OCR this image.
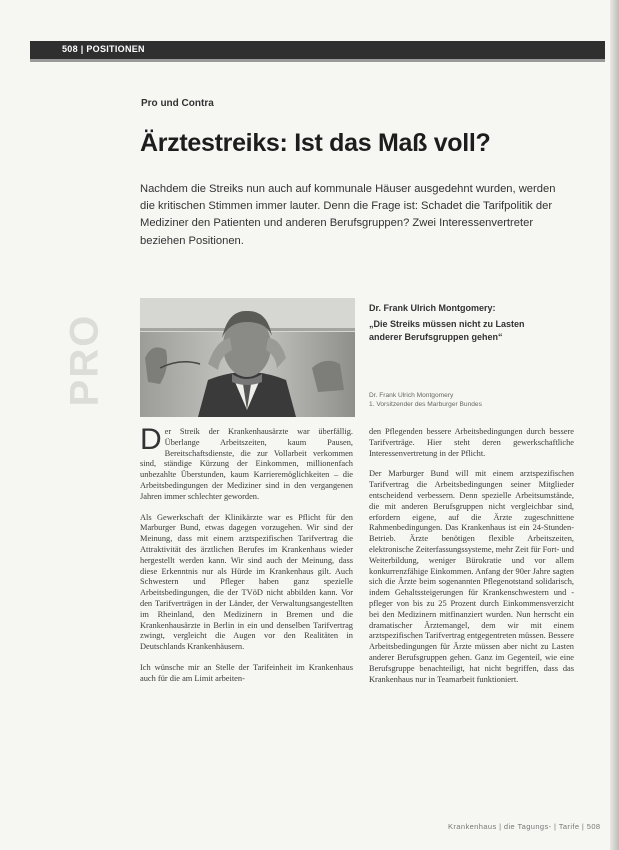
508 | POSITIONEN
Pro und Contra
Ärztestreiks: Ist das Maß voll?
Nachdem die Streiks nun auch auf kommunale Häuser ausgedehnt wurden, werden die kritischen Stimmen immer lauter. Denn die Frage ist: Schadet die Tarifpolitik der Mediziner den Patienten und anderen Berufsgruppen? Zwei Interessenvertreter beziehen Positionen.
PRO
Dr. Frank Ulrich Montgomery:
„Die Streiks müssen nicht zu Lasten anderer Berufsgruppen gehen“
Dr. Frank Ulrich Montgomery
1. Vorsitzender des Marburger Bundes

Der Streik der Krankenhausärzte war überfällig. Überlange Arbeitszeiten, kaum Pausen, Bereitschaftsdienste, die zur Vollarbeit verkommen sind, ständige Kürzung der Einkommen, millionenfach unbezahlte Überstunden, kaum Karrieremöglichkeiten – die Arbeitsbedingungen der Mediziner sind in den vergangenen Jahren immer schlechter geworden.

Als Gewerkschaft der Klinikärzte war es Pflicht für den Marburger Bund, etwas dagegen vorzugehen. Wir sind der Meinung, dass mit einem arztspezifischen Tarifvertrag die Attraktivität des ärztlichen Berufes im Krankenhaus wieder hergestellt werden kann. Wir sind auch der Meinung, dass diese Erkenntnis nur als Hürde im Krankenhaus gilt. Auch Schwestern und Pfleger haben ganz spezielle Arbeitsbedingungen, die der TVöD nicht abbilden kann. Vor den Tarifverträgen in der Länder, der Verwaltungsangestellten im Rheinland, den Medizinern in Bremen und die Krankenhausärzte in Berlin in ein und denselben Tarifvertrag zwingt, vergleicht die Augen vor den Realitäten in Deutschlands Krankenhäusern.

Ich wünsche mir an Stelle der Tarifeinheit im Krankenhaus auch für die am Limit arbeiten-

den Pflegenden bessere Arbeitsbedingungen durch bessere Tarifverträge. Hier steht deren gewerkschaftliche Interessenvertretung in der Pflicht.

Der Marburger Bund will mit einem arztspezifischen Tarifvertrag die Arbeitsbedingungen seiner Mitglieder entscheidend verbessern. Denn spezielle Arbeitsumstände, die mit anderen Berufsgruppen nicht vergleichbar sind, erfordern eigene, auf die Ärzte zugeschnittene Rahmenbedingungen. Das Krankenhaus ist ein 24-Stunden-Betrieb. Ärzte benötigen flexible Arbeitszeiten, elektronische Zeiterfassungssysteme, mehr Zeit für Fort- und Weiterbildung, weniger Bürokratie und vor allem konkurrenzfähige Einkommen. Anfang der 90er Jahre sagten sich die Ärzte beim sogenannten Pflegenotstand solidarisch, indem Gehaltssteigerungen für Krankenschwestern und -pfleger von bis zu 25 Prozent durch Einkommensverzicht bei den Medizinern mitfinanziert wurden. Nun herrscht ein dramatischer Ärztemangel, dem wir mit einem arztspezifischen Tarifvertrag entgegentreten müssen. Bessere Arbeitsbedingungen für Ärzte müssen aber nicht zu Lasten anderer Berufsgruppen gehen. Ganz im Gegenteil, wie eine Berufsgruppe benachteiligt, hat nicht begriffen, dass das Krankenhaus nur in Teamarbeit funktioniert.

Krankenhaus | die Tagungs- | Tarife | 508
